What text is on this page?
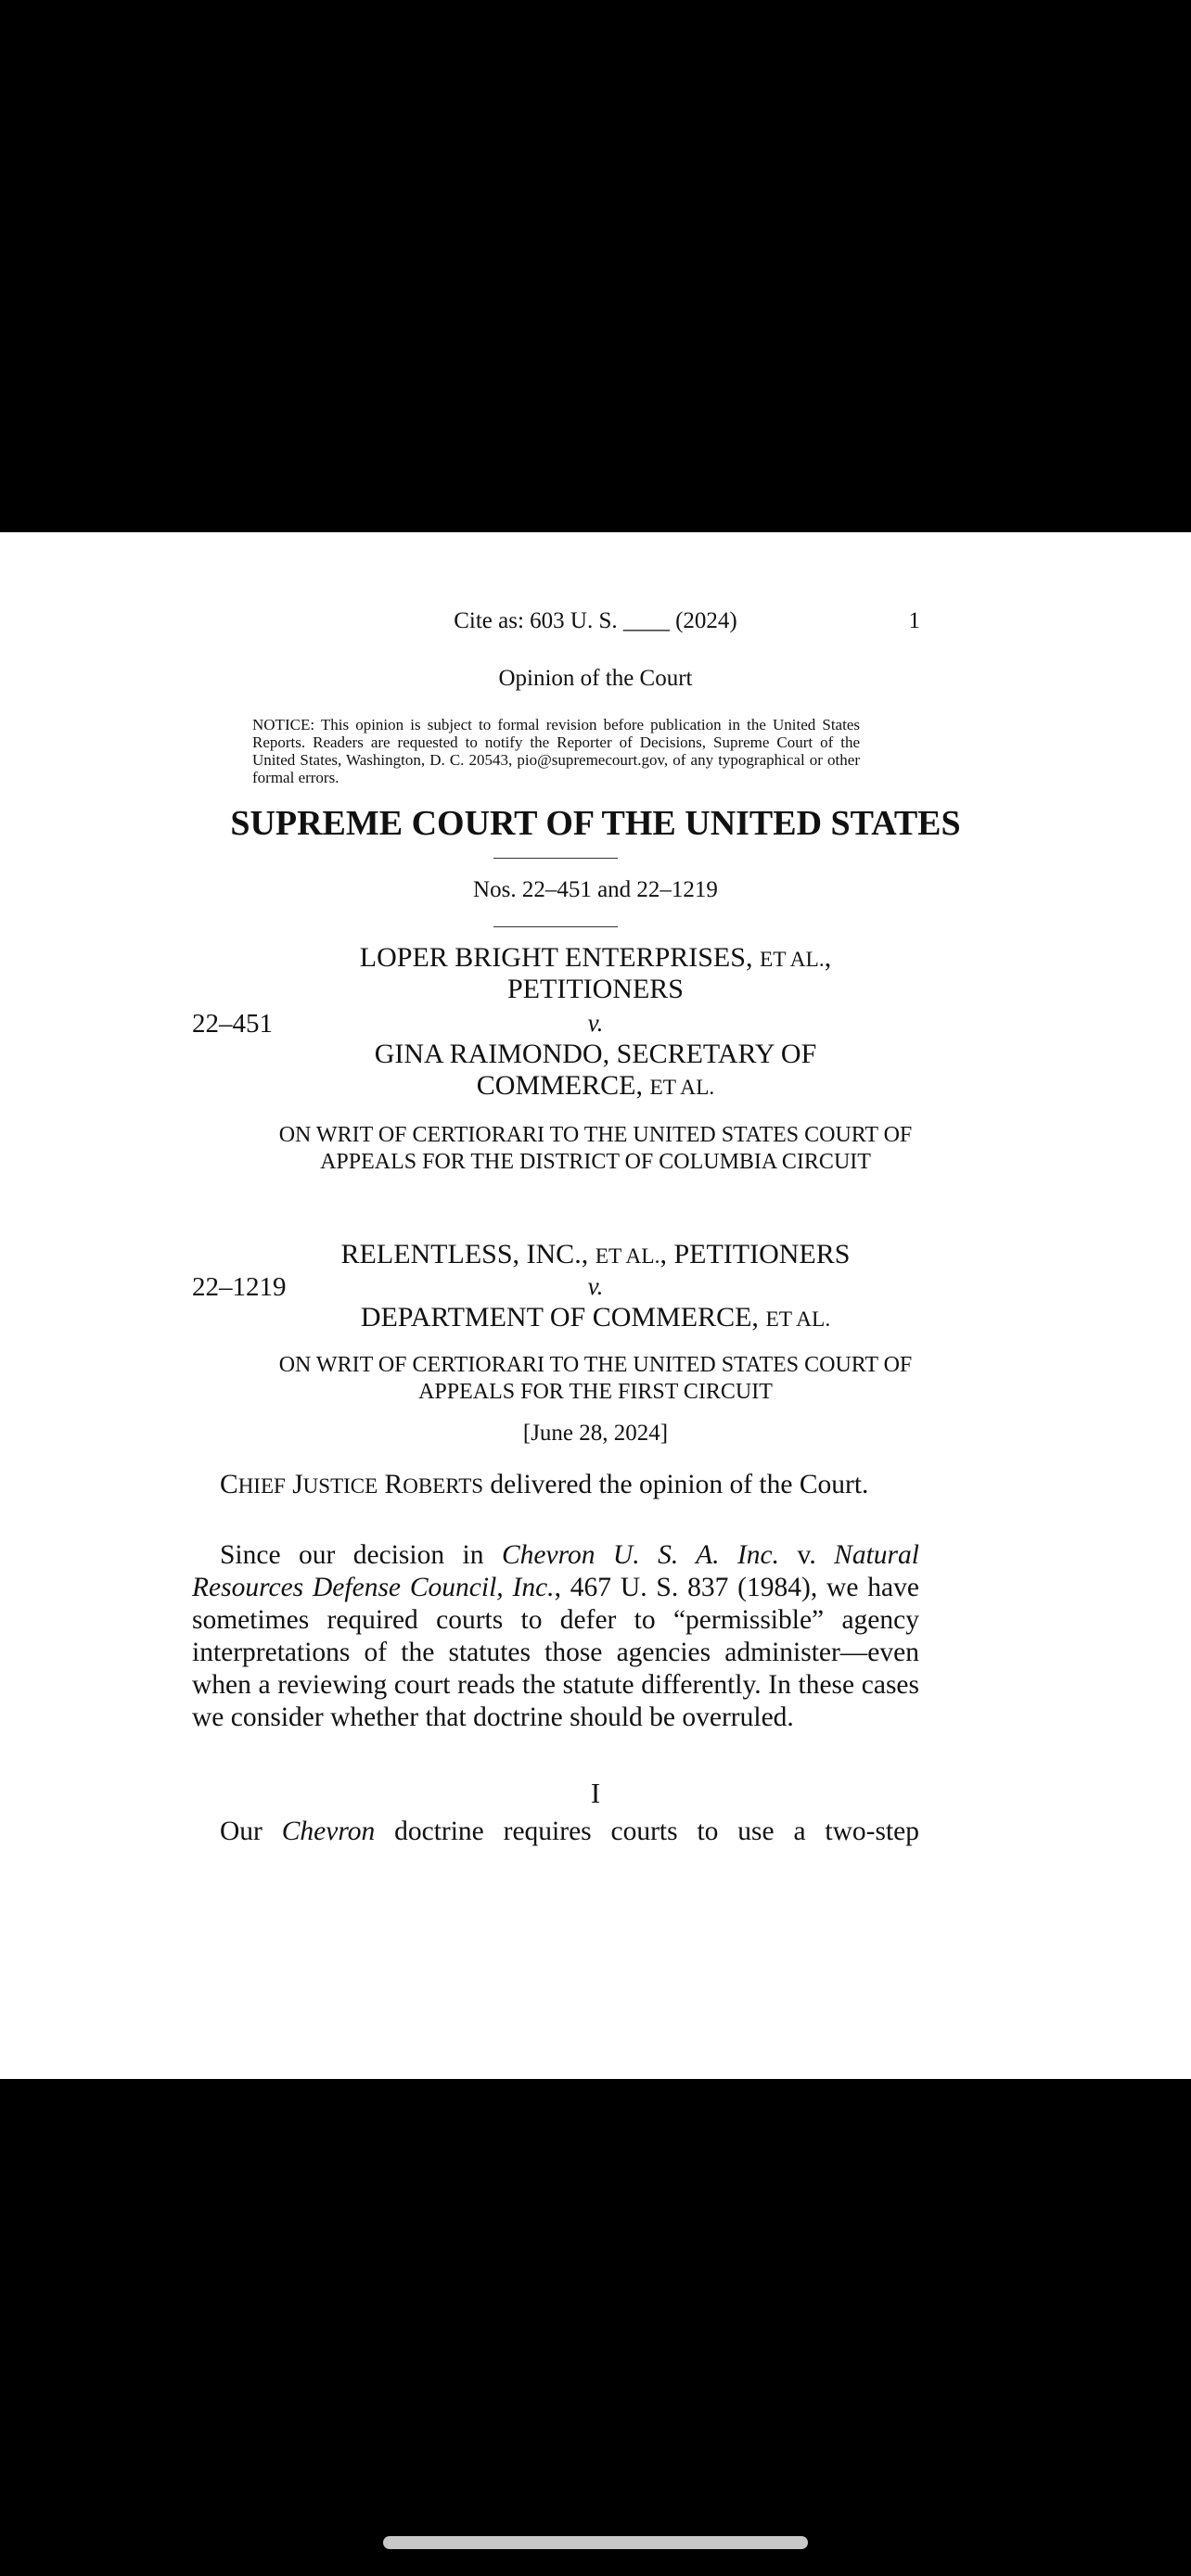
Cite as: 603 U. S. ____ (2024)	1
Opinion of the Court
NOTICE: This opinion is subject to formal revision before publication in the United States Reports. Readers are requested to notify the Reporter of Decisions, Supreme Court of the United States, Washington, D. C. 20543, pio@supremecourt.gov, of any typographical or other formal errors.
SUPREME COURT OF THE UNITED STATES
Nos. 22–451 and 22–1219
LOPER BRIGHT ENTERPRISES, ET AL.,
PETITIONERS
22–451	v.
GINA RAIMONDO, SECRETARY OF
COMMERCE, ET AL.
ON WRIT OF CERTIORARI TO THE UNITED STATES COURT OF
APPEALS FOR THE DISTRICT OF COLUMBIA CIRCUIT
RELENTLESS, INC., ET AL., PETITIONERS
22–1219	v.
DEPARTMENT OF COMMERCE, ET AL.
ON WRIT OF CERTIORARI TO THE UNITED STATES COURT OF
APPEALS FOR THE FIRST CIRCUIT
[June 28, 2024]
CHIEF JUSTICE ROBERTS delivered the opinion of the Court.
Since our decision in Chevron U. S. A. Inc. v. Natural Resources Defense Council, Inc., 467 U. S. 837 (1984), we have sometimes required courts to defer to “permissible” agency interpretations of the statutes those agencies administer—even when a reviewing court reads the statute differently. In these cases we consider whether that doctrine should be overruled.
I
Our Chevron doctrine requires courts to use a two-step
